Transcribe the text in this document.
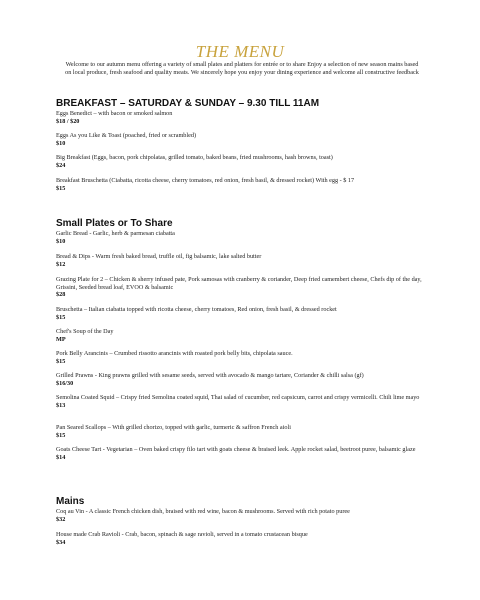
THE MENU
Welcome to our autumn menu offering a variety of small plates and platters for entrée or to share Enjoy a selection of new season mains based on local produce, fresh seafood and quality meats. We sincerely hope you enjoy your dining experience and welcome all constructive feedback
BREAKFAST – SATURDAY & SUNDAY – 9.30 TILL 11AM
Eggs Benedict – with bacon or smoked salmon
$18 / $20
Eggs As you Like & Toast (poached, fried or scrambled)
$10
Big Breakfast (Eggs, bacon, pork chipolatas, grilled tomato, baked beans, fried mushrooms, hash browns, toast)
$24
Breakfast Bruschetta (Ciabatta, ricotta cheese, cherry tomatoes, red onion, fresh basil, & dressed rocket) With egg - $ 17
$15
Small Plates or To Share
Garlic Bread - Garlic, herb & parmesan ciabatta
$10
Bread & Dips - Warm fresh baked bread, truffle oil, fig balsamic, lake salted butter
$12
Grazing Plate for 2 – Chicken & sherry infused pate, Pork samosas with cranberry & coriander, Deep fried camembert cheese, Chefs dip of the day, Grissini, Seeded bread loaf, EVOO & balsamic
$28
Bruschetta – Italian ciabatta topped with ricotta cheese, cherry tomatoes, Red onion, fresh basil, & dressed rocket
$15
Chef's Soup of the Day
MP
Pork Belly Arancinis – Crumbed rissotto arancinis with roasted pork belly bits, chipolata sauce.
$15
Grilled Prawns - King prawns grilled with sesame seeds, served with avocado & mango tartare, Coriander & chilli salsa (gf)
$16/30
Semolina Coated Squid – Crispy fried Semolina coated squid, Thai salad of cucumber, red capsicum, carrot and crispy vermicelli. Chili lime mayo
$13
Pan Seared Scallops – With grilled chorizo, topped with garlic, turmeric & saffron French aioli
$15
Goats Cheese Tart - Vegetarian – Oven baked crispy filo tart with goats cheese & braised leek. Apple rocket salad, beetroot puree, balsamic glaze
$14
Mains
Coq au Vin - A classic French chicken dish, braised with red wine, bacon & mushrooms. Served with rich potato puree
$32
House made Crab Ravioli - Crab, bacon, spinach & sage ravioli, served in a tomato crustacean bisque
$34
